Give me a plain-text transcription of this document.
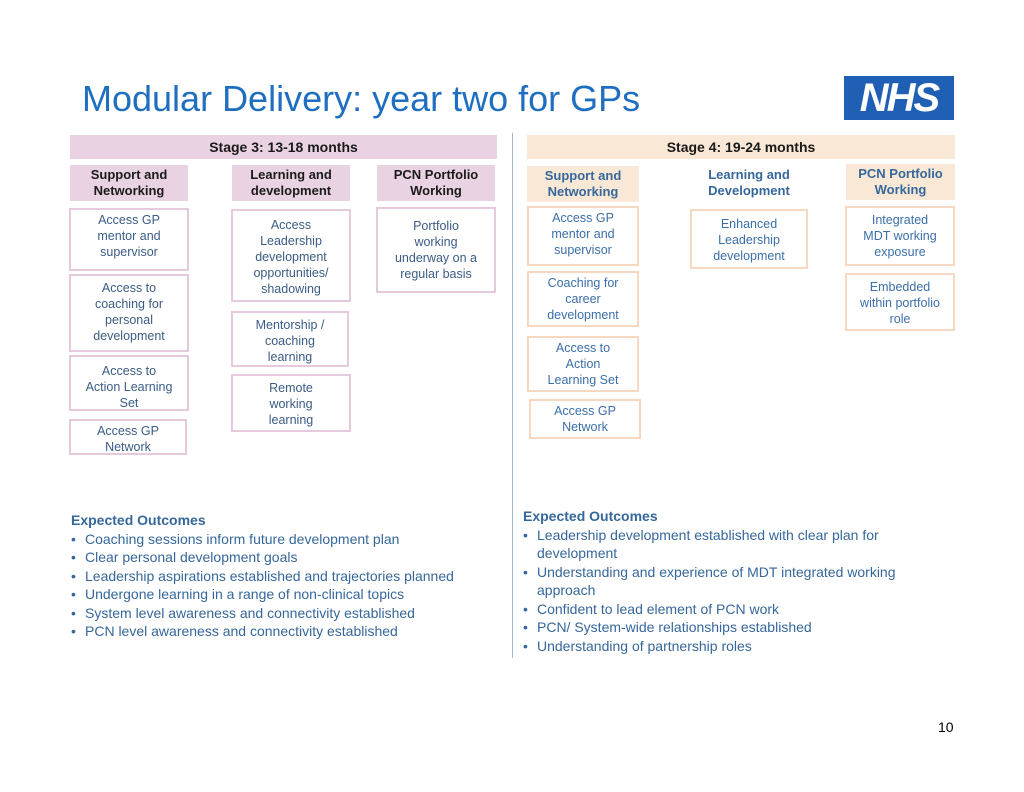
Modular Delivery: year two for GPs	NHS
Stage 3: 13-18 months	Stage 4: 19-24 months
Support and
Networking
Learning and
development
PCN Portfolio
Working
Access GP
mentor and
supervisor
Access to
coaching for
personal
development
Access to
Action Learning
Set
Access GP
Network
Access
Leadership
development
opportunities/
shadowing
Mentorship /
coaching
learning
Remote
working
learning
Portfolio
working
underway on a
regular basis
Support and
Networking
Learning and
Development
PCN Portfolio
Working
Access GP
mentor and
supervisor
Coaching for
career
development
Access to
Action
Learning Set
Access GP
Network
Enhanced
Leadership
development
Integrated
MDT working
exposure
Embedded
within portfolio
role
Expected Outcomes
• Coaching sessions inform future development plan
• Clear personal development goals
• Leadership aspirations established and trajectories planned
• Undergone learning in a range of non-clinical topics
• System level awareness and connectivity established
• PCN level awareness and connectivity established
Expected Outcomes
• Leadership development established with clear plan for development
• Understanding and experience of MDT integrated working approach
• Confident to lead element of PCN work
• PCN/ System-wide relationships established
• Understanding of partnership roles
10
